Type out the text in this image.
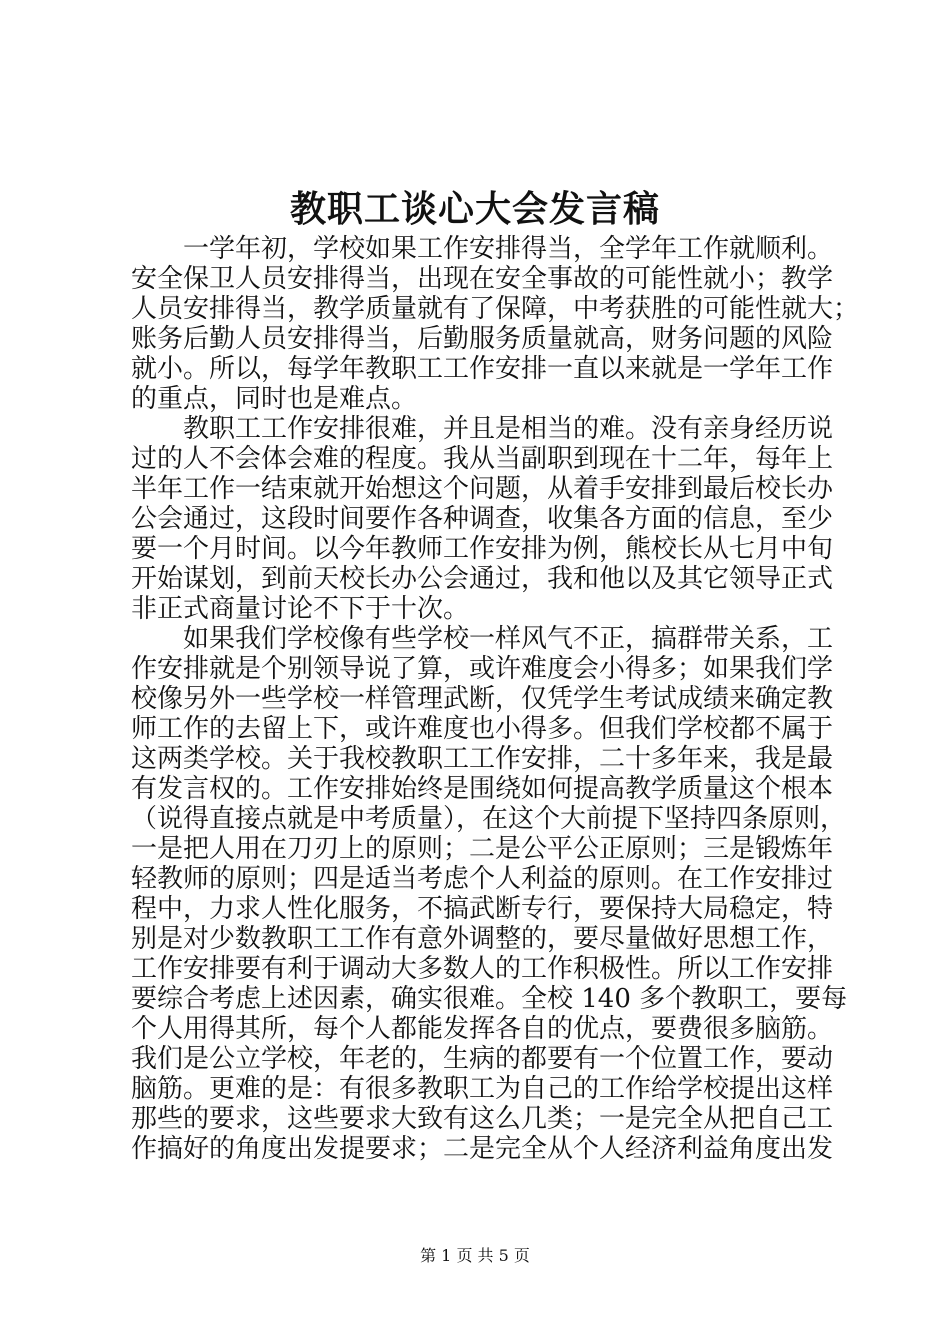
教职工谈心大会发言稿
一学年初，学校如果工作安排得当，全学年工作就顺利。
安全保卫人员安排得当，出现在安全事故的可能性就小；教学
人员安排得当，教学质量就有了保障，中考获胜的可能性就大；
账务后勤人员安排得当，后勤服务质量就高，财务问题的风险
就小。所以，每学年教职工工作安排一直以来就是一学年工作
的重点，同时也是难点。
教职工工作安排很难，并且是相当的难。没有亲身经历说
过的人不会体会难的程度。我从当副职到现在十二年，每年上
半年工作一结束就开始想这个问题，从着手安排到最后校长办
公会通过，这段时间要作各种调查，收集各方面的信息，至少
要一个月时间。以今年教师工作安排为例，熊校长从七月中旬
开始谋划，到前天校长办公会通过，我和他以及其它领导正式
非正式商量讨论不下于十次。
如果我们学校像有些学校一样风气不正，搞群带关系，工
作安排就是个别领导说了算，或许难度会小得多；如果我们学
校像另外一些学校一样管理武断，仅凭学生考试成绩来确定教
师工作的去留上下，或许难度也小得多。但我们学校都不属于
这两类学校。关于我校教职工工作安排，二十多年来，我是最
有发言权的。工作安排始终是围绕如何提高教学质量这个根本
（说得直接点就是中考质量），在这个大前提下坚持四条原则，
一是把人用在刀刃上的原则；二是公平公正原则；三是锻炼年
轻教师的原则；四是适当考虑个人利益的原则。在工作安排过
程中，力求人性化服务，不搞武断专行，要保持大局稳定，特
别是对少数教职工工作有意外调整的，要尽量做好思想工作，
工作安排要有利于调动大多数人的工作积极性。所以工作安排
要综合考虑上述因素，确实很难。全校 140 多个教职工，要每
个人用得其所，每个人都能发挥各自的优点，要费很多脑筋。
我们是公立学校，年老的，生病的都要有一个位置工作，要动
脑筋。更难的是：有很多教职工为自己的工作给学校提出这样
那些的要求，这些要求大致有这么几类；一是完全从把自己工
作搞好的角度出发提要求；二是完全从个人经济利益角度出发
第 1 页 共 5 页
